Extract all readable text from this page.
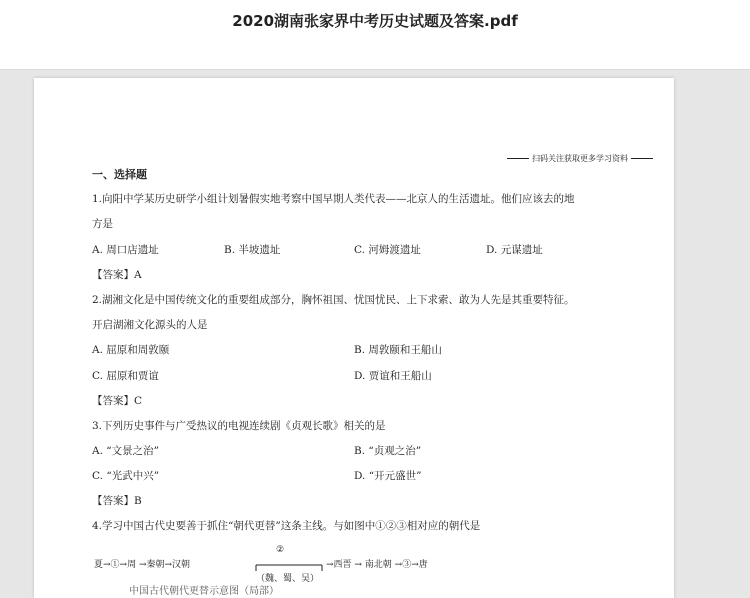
2020湖南张家界中考历史试题及答案.pdf
扫码关注获取更多学习资料
一、选择题
1.向阳中学某历史研学小组计划暑假实地考察中国早期人类代表——北京人的生活遗址。他们应该去的地
方是
A. 周口店遗址	B. 半坡遗址	C. 河姆渡遗址	D. 元谋遗址
【答案】A
2.湖湘文化是中国传统文化的重要组成部分，胸怀祖国、忧国忧民、上下求索、敢为人先是其重要特征。
开启湖湘文化源头的人是
A. 屈原和周敦颐	B. 周敦颐和王船山
C. 屈原和贾谊	D. 贾谊和王船山
【答案】C
3.下列历史事件与广受热议的电视连续剧《贞观长歌》相关的是
A. “文景之治”	B. “贞观之治”
C. “光武中兴”	D. “开元盛世”
【答案】B
4.学习中国古代史要善于抓住“朝代更替”这条主线。与如图中①②③相对应的朝代是
夏→①→周 →秦朝→汉朝
②
→西晋 → 南北朝 →③→唐
（魏、蜀、吴）
中国古代朝代更替示意图（局部）
